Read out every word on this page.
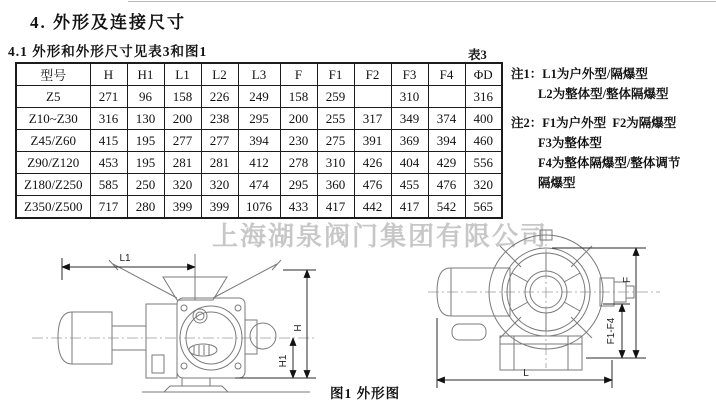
4. 外形及连接尺寸
4.1 外形和外形尺寸见表3和图1	表3
型号	H	H1	L1	L2	L3	F	F1	F2	F3	F4	ΦD
Z5	271	96	158	226	249	158	259		310		316
Z10~Z30	316	130	200	238	295	200	255	317	349	374	400
Z45/Z60	415	195	277	277	394	230	275	391	369	394	460
Z90/Z120	453	195	281	281	412	278	310	426	404	429	556
Z180/Z250	585	250	320	320	474	295	360	476	455	476	320
Z350/Z500	717	280	399	399	1076	433	417	442	417	542	565
注1：L1为户外型/隔爆型
L2为整体型/整体隔爆型
注2：F1为户外型  F2为隔爆型
F3为整体型
F4为整体隔爆型/整体调节
隔爆型
上海湖泉阀门集团有限公司
L1
H
H1
F
F1-F4
L
图1 外形图
